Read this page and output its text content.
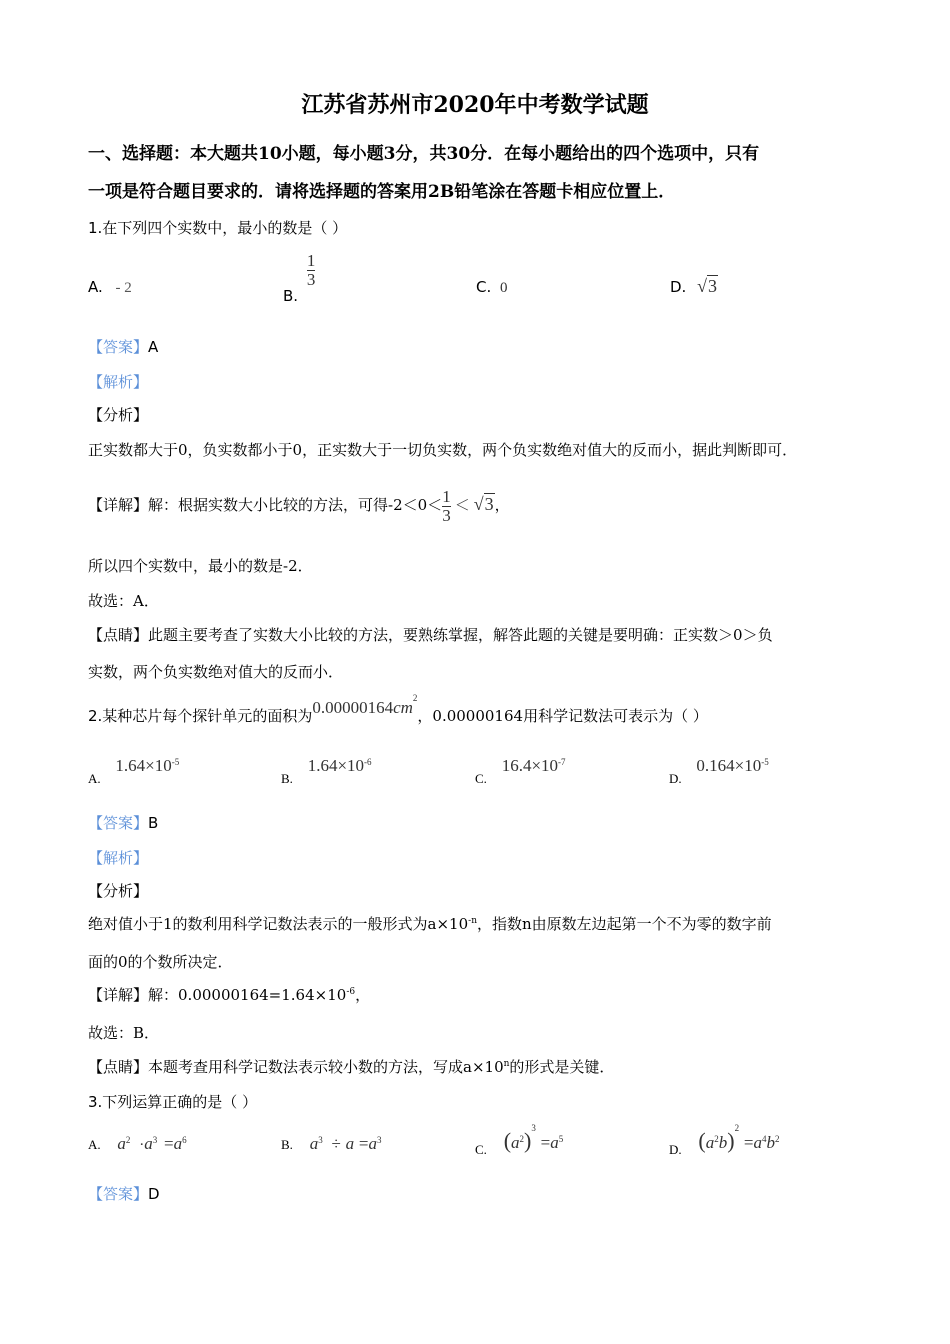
江苏省苏州市2020年中考数学试题
一、选择题：本大题共10小题，每小题3分，共30分．在每小题给出的四个选项中，只有
一项是符合题目要求的．请将选择题的答案用2B铅笔涂在答题卡相应位置上．
1.在下列四个实数中，最小的数是（ ）
A. - 2	B. $\frac{1}{3}$	C. 0	D. √3
【答案】A
【解析】
【分析】
正实数都大于0，负实数都小于0，正实数大于一切负实数，两个负实数绝对值大的反而小，据此判断即可．
【详解】解：根据实数大小比较的方法，可得$-2<0<\frac{1}{3} < √3$，
所以四个实数中，最小的数是-2．
故选：A．
【点睛】此题主要考查了实数大小比较的方法，要熟练掌握，解答此题的关键是要明确：正实数＞0＞负
实数，两个负实数绝对值大的反而小．
2.某种芯片每个探针单元的面积为$0.00000164cm^2$，0.00000164用科学记数法可表示为（ ）
A. $1.64\times 10^{-5}$
B. $1.64\times 10^{-6}$
C. $16.4\times 10^{-7}$
D. $0.164\times 10^{-5}$
【答案】B
【解析】
【分析】
绝对值小于1的数利用科学记数法表示的一般形式为$a\times 10^{-n}$，指数n由原数左边起第一个不为零的数字前
面的0的个数所决定．
【详解】解：$0.00000164=1.64\times 10^{-6}$，
故选：B．
【点睛】本题考查用科学记数法表示较小数的方法，写成$a\times 10^n$的形式是关键．
3.下列运算正确的是（ ）
A. $a^2 \cdot a^3 =a^6$	B. $a^3 \div a =a^3$
C. $(a^2)^3 =a^5$
D. $(a^2b)^2 =a^4b^2$
【答案】D
